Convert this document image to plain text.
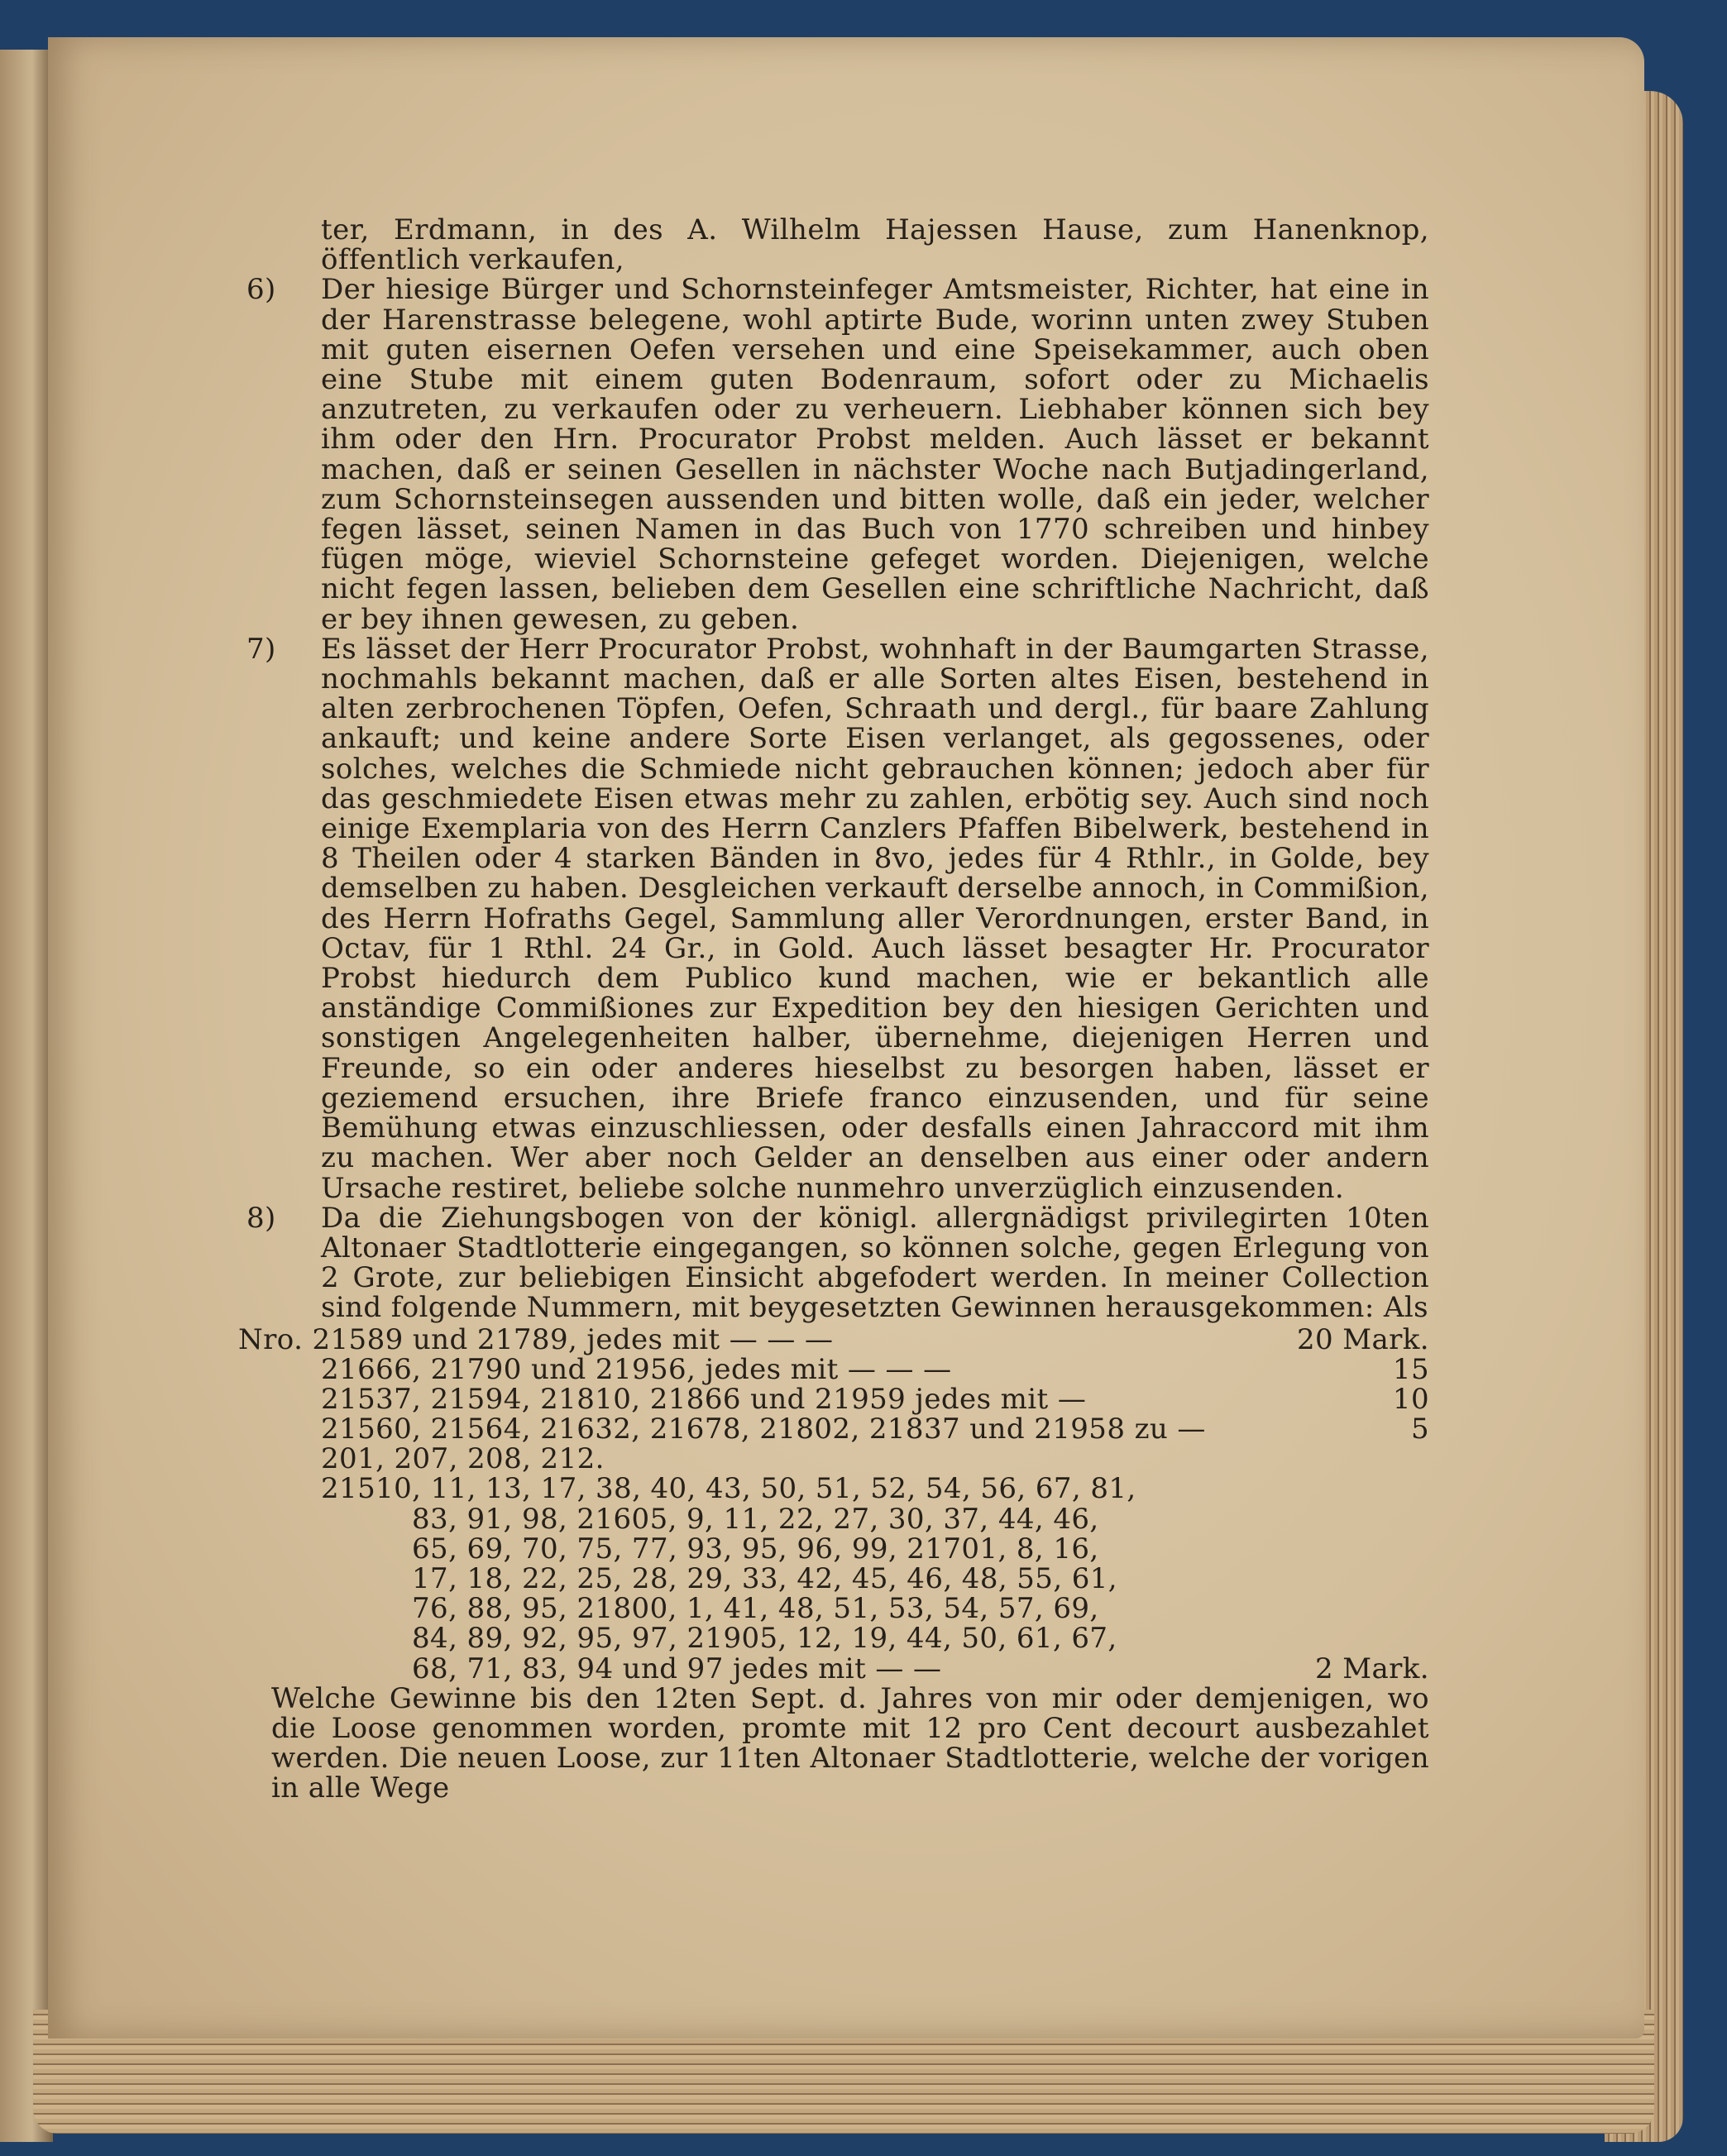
ter, Erdmann, in des A. Wilhelm Hajessen Hause, zum Hanenknop, öffentlich verkaufen,

6) Der hiesige Bürger und Schornsteinfeger Amtsmeister, Richter, hat eine in der Harenstrasse belegene, wohl aptirte Bude, worinn unten zwey Stuben mit guten eisernen Oefen versehen und eine Speisekammer, auch oben eine Stube mit einem guten Bodenraum, sofort oder zu Michaelis anzutreten, zu verkaufen oder zu verheuern. Liebhaber können sich bey ihm oder den Hrn. Procurator Probst melden. Auch lässet er bekannt machen, daß er seinen Gesellen in nächster Woche nach Butjadingerland, zum Schornsteinsegen aussenden und bitten wolle, daß ein jeder, welcher fegen lässet, seinen Namen in das Buch von 1770 schreiben und hinbey fügen möge, wieviel Schornsteine gefeget worden. Diejenigen, welche nicht fegen lassen, belieben dem Gesellen eine schriftliche Nachricht, daß er bey ihnen gewesen, zu geben.

7) Es lässet der Herr Procurator Probst, wohnhaft in der Baumgarten Strasse, nochmahls bekannt machen, daß er alle Sorten altes Eisen, bestehend in alten zerbrochenen Töpfen, Oefen, Schraath und dergl., für baare Zahlung ankauft; und keine andere Sorte Eisen verlanget, als gegossenes, oder solches, welches die Schmiede nicht gebrauchen können; jedoch aber für das geschmiedete Eisen etwas mehr zu zahlen, erbötig sey. Auch sind noch einige Exemplaria von des Herrn Canzlers Pfaffen Bibelwerk, bestehend in 8 Theilen oder 4 starken Bänden in 8vo, jedes für 4 Rthlr., in Golde, bey demselben zu haben. Desgleichen verkauft derselbe annoch, in Commißion, des Herrn Hofraths Gegel, Sammlung aller Verordnungen, erster Band, in Octav, für 1 Rthl. 24 Gr., in Gold. Auch lässet besagter Hr. Procurator Probst hiedurch dem Publico kund machen, wie er bekantlich alle anständige Commißiones zur Expedition bey den hiesigen Gerichten und sonstigen Angelegenheiten halber, übernehme, diejenigen Herren und Freunde, so ein oder anderes hieselbst zu besorgen haben, lässet er geziemend ersuchen, ihre Briefe franco einzusenden, und für seine Bemühung etwas einzuschliessen, oder desfalls einen Jahraccord mit ihm zu machen. Wer aber noch Gelder an denselben aus einer oder andern Ursache restiret, beliebe solche nunmehro unverzüglich einzusenden.

8) Da die Ziehungsbogen von der königl. allergnädigst privilegirten 10ten Altonaer Stadtlotterie eingegangen, so können solche, gegen Erlegung von 2 Grote, zur beliebigen Einsicht abgefodert werden. In meiner Collection sind folgende Nummern, mit beygesetzten Gewinnen herausgekommen: Als

Nro. 21589 und 21789, jedes mit — — —	20 Mark.
21666, 21790 und 21956, jedes mit — — —	15
21537, 21594, 21810, 21866 und 21959 jedes mit —	10
21560, 21564, 21632, 21678, 21802, 21837 und 21958 zu —	5
201, 207, 208, 212.
21510, 11, 13, 17, 38, 40, 43, 50, 51, 52, 54, 56, 67, 81,
83, 91, 98, 21605, 9, 11, 22, 27, 30, 37, 44, 46,
65, 69, 70, 75, 77, 93, 95, 96, 99, 21701, 8, 16,
17, 18, 22, 25, 28, 29, 33, 42, 45, 46, 48, 55, 61,
76, 88, 95, 21800, 1, 41, 48, 51, 53, 54, 57, 69,
84, 89, 92, 95, 97, 21905, 12, 19, 44, 50, 61, 67,
68, 71, 83, 94 und 97 jedes mit — —	2 Mark.

Welche Gewinne bis den 12ten Sept. d. Jahres von mir oder demjenigen, wo die Loose genommen worden, promte mit 12 pro Cent decourt ausbezahlet werden. Die neuen Loose, zur 11ten Altonaer Stadtlotterie, welche der vorigen in alle Wege
